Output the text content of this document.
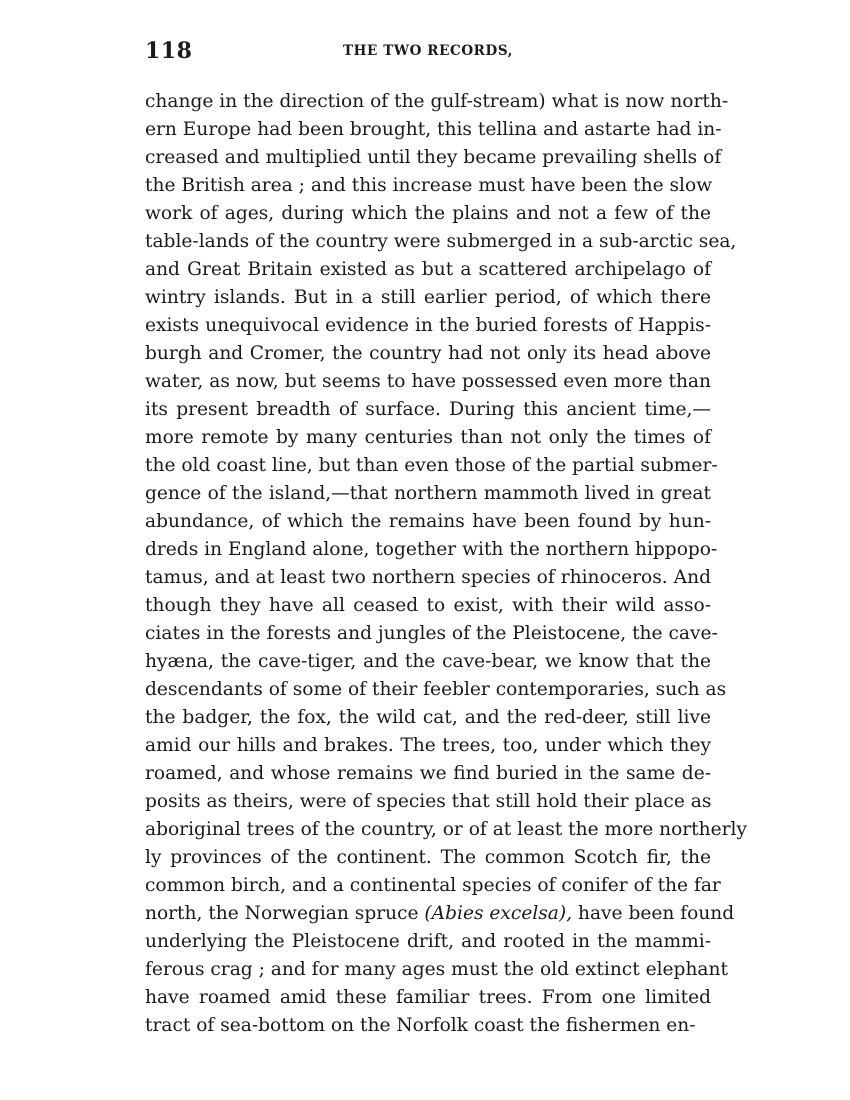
118	THE TWO RECORDS,
change in the direction of the gulf-stream) what is now north-
ern Europe had been brought, this tellina and astarte had in-
creased and multiplied until they became prevailing shells of
the British area ; and this increase must have been the slow
work of ages, during which the plains and not a few of the
table-lands of the country were submerged in a sub-arctic sea,
and Great Britain existed as but a scattered archipelago of
wintry islands. But in a still earlier period, of which there
exists unequivocal evidence in the buried forests of Happis-
burgh and Cromer, the country had not only its head above
water, as now, but seems to have possessed even more than
its present breadth of surface. During this ancient time,—
more remote by many centuries than not only the times of
the old coast line, but than even those of the partial submer-
gence of the island,—that northern mammoth lived in great
abundance, of which the remains have been found by hun-
dreds in England alone, together with the northern hippopo-
tamus, and at least two northern species of rhinoceros. And
though they have all ceased to exist, with their wild asso-
ciates in the forests and jungles of the Pleistocene, the cave-
hyæna, the cave-tiger, and the cave-bear, we know that the
descendants of some of their feebler contemporaries, such as
the badger, the fox, the wild cat, and the red-deer, still live
amid our hills and brakes. The trees, too, under which they
roamed, and whose remains we find buried in the same de-
posits as theirs, were of species that still hold their place as
aboriginal trees of the country, or of at least the more northerly
ly provinces of the continent. The common Scotch fir, the
common birch, and a continental species of conifer of the far
north, the Norwegian spruce (Abies excelsa), have been found
underlying the Pleistocene drift, and rooted in the mammi-
ferous crag ; and for many ages must the old extinct elephant
have roamed amid these familiar trees. From one limited
tract of sea-bottom on the Norfolk coast the fishermen en-
